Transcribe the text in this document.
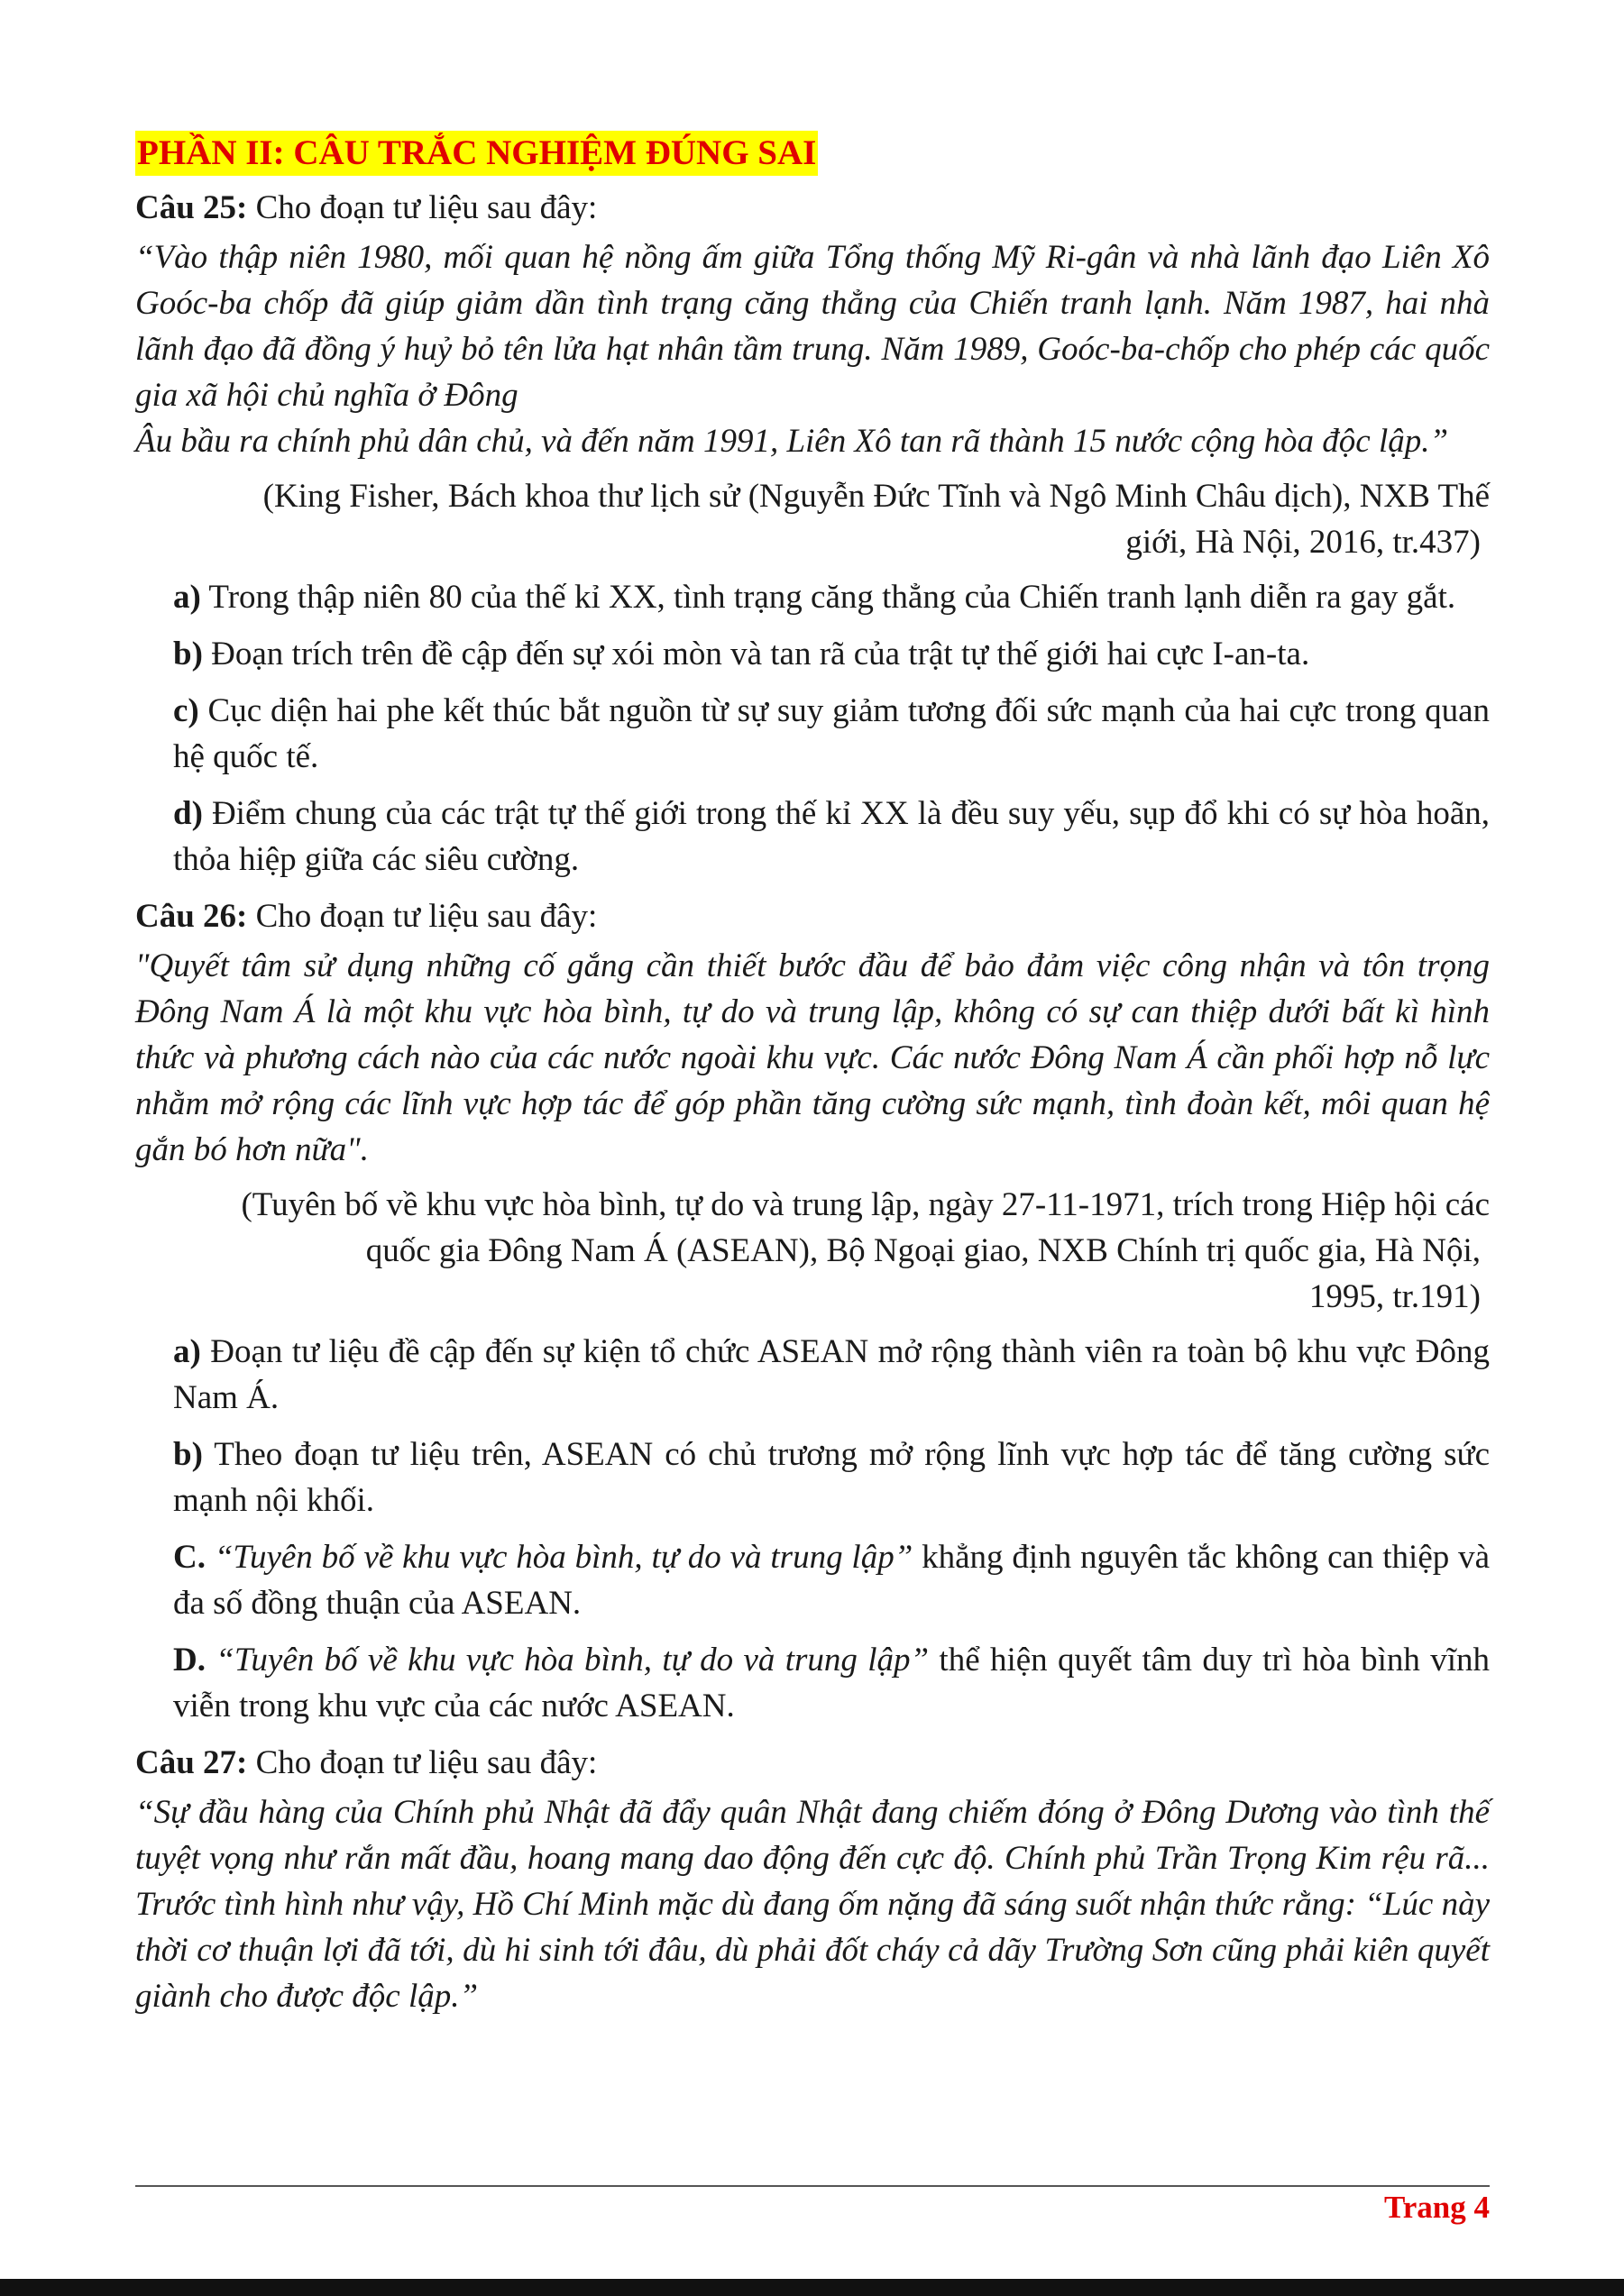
PHẦN II: CÂU TRẮC NGHIỆM ĐÚNG SAI

Câu 25: Cho đoạn tư liệu sau đây:

“Vào thập niên 1980, mối quan hệ nồng ấm giữa Tổng thống Mỹ Ri-gân và nhà lãnh đạo Liên Xô Goóc-ba chốp đã giúp giảm dần tình trạng căng thẳng của Chiến tranh lạnh. Năm 1987, hai nhà lãnh đạo đã đồng ý huỷ bỏ tên lửa hạt nhân tầm trung. Năm 1989, Goóc-ba-chốp cho phép các quốc gia xã hội chủ nghĩa ở Đông
Âu bầu ra chính phủ dân chủ, và đến năm 1991, Liên Xô tan rã thành 15 nước cộng hòa độc lập.”
(King Fisher, Bách khoa thư lịch sử (Nguyễn Đức Tĩnh và Ngô Minh Châu dịch), NXB Thế
giới, Hà Nội, 2016, tr.437)

a) Trong thập niên 80 của thế kỉ XX, tình trạng căng thẳng của Chiến tranh lạnh diễn ra gay gắt.

b) Đoạn trích trên đề cập đến sự xói mòn và tan rã của trật tự thế giới hai cực I-an-ta.

c) Cục diện hai phe kết thúc bắt nguồn từ sự suy giảm tương đối sức mạnh của hai cực trong quan hệ quốc tế.

d) Điểm chung của các trật tự thế giới trong thế kỉ XX là đều suy yếu, sụp đổ khi có sự hòa hoãn, thỏa hiệp giữa các siêu cường.

Câu 26: Cho đoạn tư liệu sau đây:

"Quyết tâm sử dụng những cố gắng cần thiết bước đầu để bảo đảm việc công nhận và tôn trọng Đông Nam Á là một khu vực hòa bình, tự do và trung lập, không có sự can thiệp dưới bất kì hình thức và phương cách nào của các nước ngoài khu vực. Các nước Đông Nam Á cần phối hợp nỗ lực nhằm mở rộng các lĩnh vực hợp tác để góp phần tăng cường sức mạnh, tình đoàn kết, môi quan hệ gắn bó hơn nữa".
(Tuyên bố về khu vực hòa bình, tự do và trung lập, ngày 27-11-1971, trích trong Hiệp hội các
quốc gia Đông Nam Á (ASEAN), Bộ Ngoại giao, NXB Chính trị quốc gia, Hà Nội,
1995, tr.191)

a) Đoạn tư liệu đề cập đến sự kiện tổ chức ASEAN mở rộng thành viên ra toàn bộ khu vực Đông Nam Á.

b) Theo đoạn tư liệu trên, ASEAN có chủ trương mở rộng lĩnh vực hợp tác để tăng cường sức mạnh nội khối.

C. “Tuyên bố về khu vực hòa bình, tự do và trung lập” khẳng định nguyên tắc không can thiệp và đa số đồng thuận của ASEAN.

D. “Tuyên bố về khu vực hòa bình, tự do và trung lập” thể hiện quyết tâm duy trì hòa bình vĩnh viễn trong khu vực của các nước ASEAN.

Câu 27: Cho đoạn tư liệu sau đây:

“Sự đầu hàng của Chính phủ Nhật đã đẩy quân Nhật đang chiếm đóng ở Đông Dương vào tình thế tuyệt vọng như rắn mất đầu, hoang mang dao động đến cực độ. Chính phủ Trần Trọng Kim rệu rã... Trước tình hình như vậy, Hồ Chí Minh mặc dù đang ốm nặng đã sáng suốt nhận thức rằng: “Lúc này thời cơ thuận lợi đã tới, dù hi sinh tới đâu, dù phải đốt cháy cả dãy Trường Sơn cũng phải kiên quyết giành cho được độc lập.”
Trang 4
